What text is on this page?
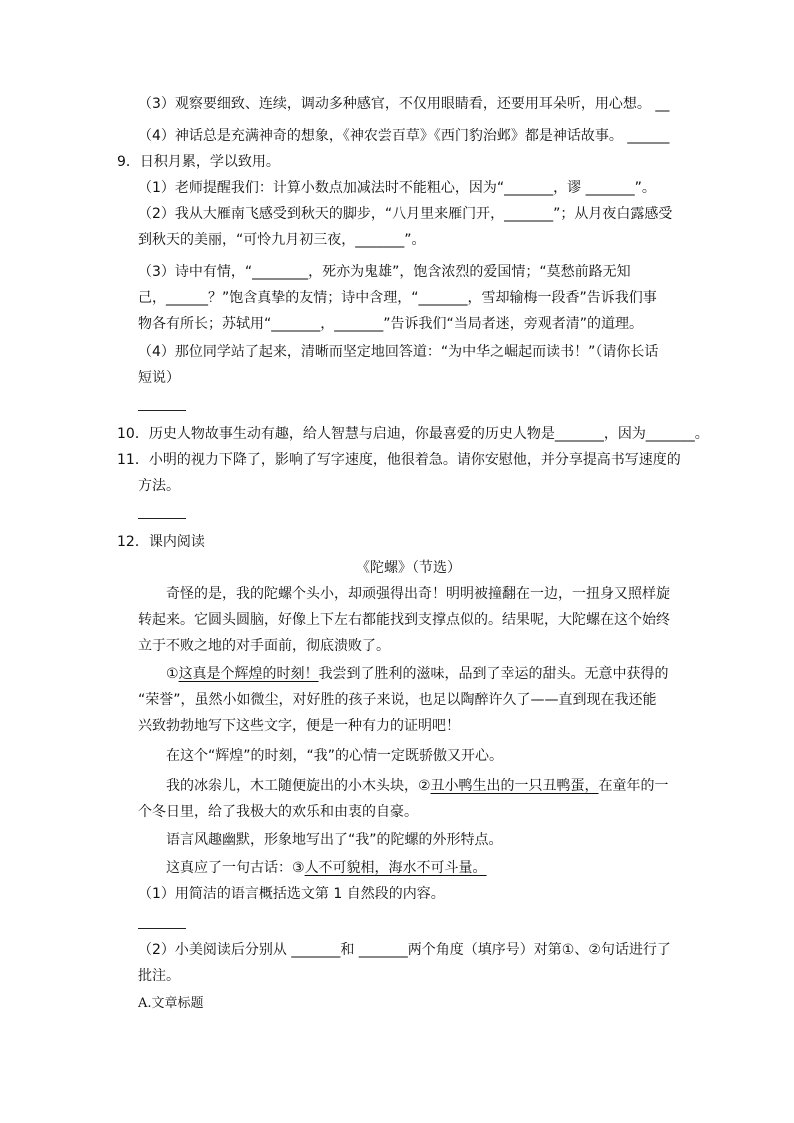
（3）观察要细致、连续，调动多种感官，不仅用眼睛看，还要用耳朵听，用心想。 __
（4）神话总是充满神奇的想象，《神农尝百草》《西门豹治邺》都是神话故事。 ______
9．日积月累，学以致用。
（1）老师提醒我们：计算小数点加减法时不能粗心，因为“_______，谬 _______”。
（2）我从大雁南飞感受到秋天的脚步，“八月里来雁门开，_______”；从月夜白露感受
到秋天的美丽，“可怜九月初三夜，_______”。
（3）诗中有情，“________，死亦为鬼雄”，饱含浓烈的爱国情；“莫愁前路无知
己，______？”饱含真挚的友情；诗中含理，“_______，雪却输梅一段香”告诉我们事
物各有所长；苏轼用“_______，_______”告诉我们“当局者迷，旁观者清”的道理。
（4）那位同学站了起来，清晰而坚定地回答道：“为中华之崛起而读书！”（请你长话
短说）
10．历史人物故事生动有趣，给人智慧与启迪，你最喜爱的历史人物是_______，因为_______。
11．小明的视力下降了，影响了写字速度，他很着急。请你安慰他，并分享提高书写速度的
方法。
12．课内阅读
《陀螺》（节选）
奇怪的是，我的陀螺个头小，却顽强得出奇！明明被撞翻在一边，一扭身又照样旋
转起来。它圆头圆脑，好像上下左右都能找到支撑点似的。结果呢，大陀螺在这个始终
立于不败之地的对手面前，彻底溃败了。
①这真是个辉煌的时刻！我尝到了胜利的滋味，品到了幸运的甜头。无意中获得的
“荣誉”，虽然小如微尘，对好胜的孩子来说，也足以陶醉许久了——直到现在我还能
兴致勃勃地写下这些文字，便是一种有力的证明吧！
在这个“辉煌”的时刻，“我”的心情一定既骄傲又开心。
我的冰尜儿，木工随便旋出的小木头块，②丑小鸭生出的一只丑鸭蛋，在童年的一
个冬日里，给了我极大的欢乐和由衷的自豪。
语言风趣幽默，形象地写出了“我”的陀螺的外形特点。
这真应了一句古话：③人不可貌相，海水不可斗量。
（1）用简洁的语言概括选文第 1 自然段的内容。
（2）小美阅读后分别从 _______和 _______两个角度（填序号）对第①、②句话进行了
批注。
A.文章标题
